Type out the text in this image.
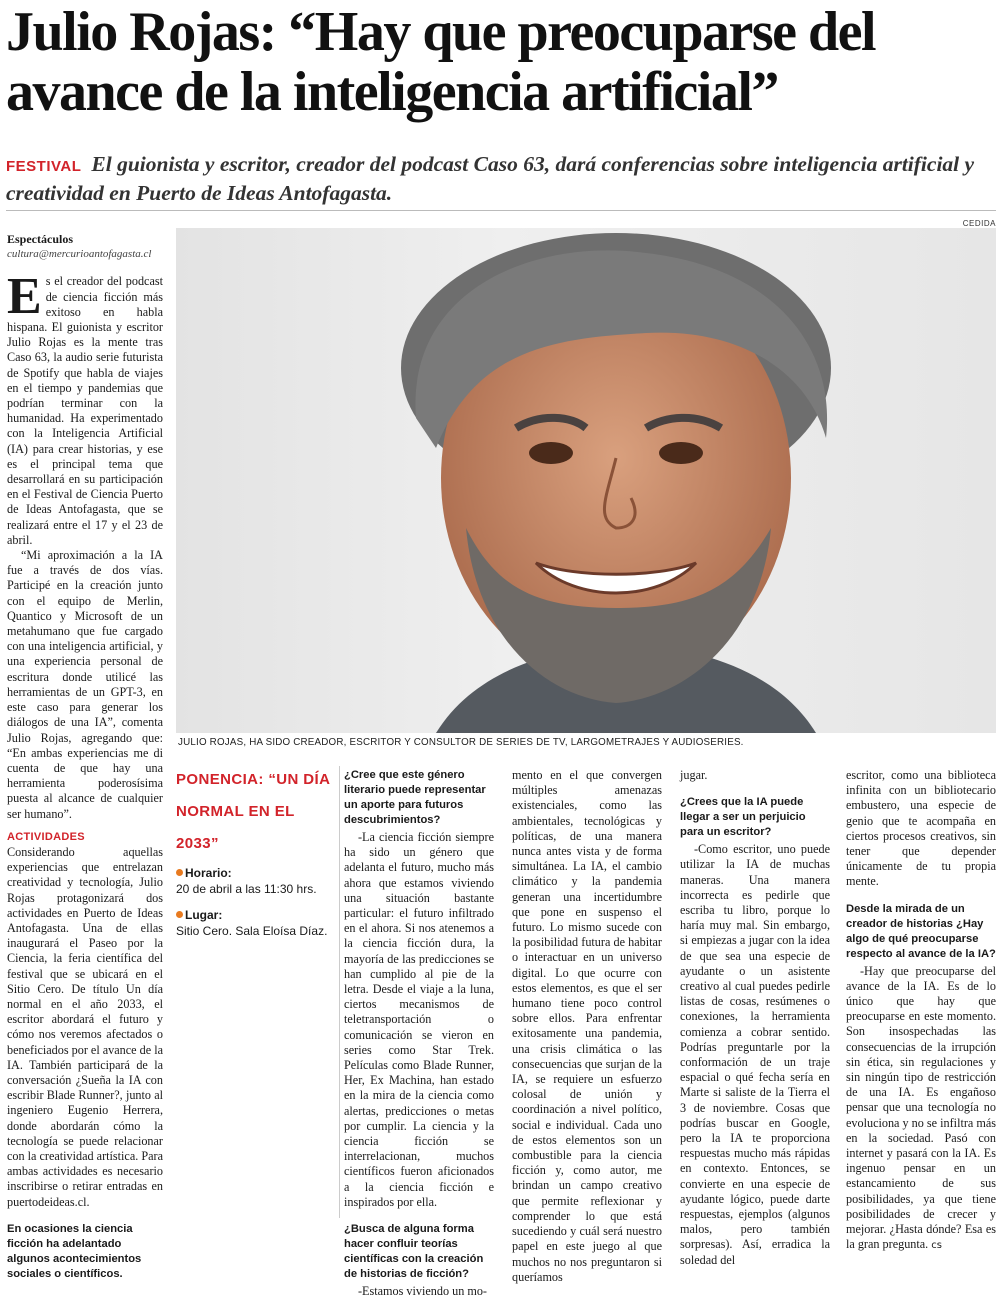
Julio Rojas: “Hay que preocuparse del avance de la inteligencia artificial”
FESTIVAL El guionista y escritor, creador del podcast Caso 63, dará conferencias sobre inteligencia artificial y creatividad en Puerto de Ideas Antofagasta.
CEDIDA
Espectáculos
cultura@mercurioantofagasta.cl

Es el creador del podcast de ciencia ficción más exitoso en habla hispana. El guionista y escritor Julio Rojas es la mente tras Caso 63, la audio serie futurista de Spotify que habla de viajes en el tiempo y pandemias que podrían terminar con la humanidad. Ha experimentado con la Inteligencia Artificial (IA) para crear historias, y ese es el principal tema que desarrollará en su participación en el Festival de Ciencia Puerto de Ideas Antofagasta, que se realizará entre el 17 y el 23 de abril.

“Mi aproximación a la IA fue a través de dos vías. Participé en la creación junto con el equipo de Merlin, Quantico y Microsoft de un metahumano que fue cargado con una inteligencia artificial, y una experiencia personal de escritura donde utilicé las herramientas de un GPT-3, en este caso para generar los diálogos de una IA”, comenta Julio Rojas, agregando que: “En ambas experiencias me di cuenta de que hay una herramienta poderosísima puesta al alcance de cualquier ser humano”.

ACTIVIDADES

Considerando aquellas experiencias que entrelazan creatividad y tecnología, Julio Rojas protagonizará dos actividades en Puerto de Ideas Antofagasta. Una de ellas inaugurará el Paseo por la Ciencia, la feria científica del festival que se ubicará en el Sitio Cero. De título Un día normal en el año 2033, el escritor abordará el futuro y cómo nos veremos afectados o beneficiados por el avance de la IA. También participará de la conversación ¿Sueña la IA con escribir Blade Runner?, junto al ingeniero Eugenio Herrera, donde abordarán cómo la tecnología se puede relacionar con la creatividad artística. Para ambas actividades es necesario inscribirse o retirar entradas en puertodeideas.cl.

En ocasiones la ciencia ficción ha adelantado algunos acontecimientos sociales o científicos.
JULIO ROJAS, HA SIDO CREADOR, ESCRITOR Y CONSULTOR DE SERIES DE TV, LARGOMETRAJES Y AUDIOSERIES.
PONENCIA: “UN DÍA NORMAL EN EL 2033”
Horario:
20 de abril a las 11:30 hrs.
Lugar:
Sitio Cero. Sala Eloísa Díaz.
¿Cree que este género literario puede representar un aporte para futuros descubrimientos?

-La ciencia ficción siempre ha sido un género que adelanta el futuro, mucho más ahora que estamos viviendo una situación bastante particular: el futuro infiltrado en el ahora. Si nos atenemos a la ciencia ficción dura, la mayoría de las predicciones se han cumplido al pie de la letra. Desde el viaje a la luna, ciertos mecanismos de teletransportación o comunicación se vieron en series como Star Trek. Películas como Blade Runner, Her, Ex Machina, han estado en la mira de la ciencia como alertas, predicciones o metas por cumplir. La ciencia y la ciencia ficción se interrelacionan, muchos científicos fueron aficionados a la ciencia ficción e inspirados por ella.

¿Busca de alguna forma hacer confluir teorías científicas con la creación de historias de ficción?

-Estamos viviendo un mo-

mento en el que convergen múltiples amenazas existenciales, como las ambientales, tecnológicas y políticas, de una manera nunca antes vista y de forma simultánea. La IA, el cambio climático y la pandemia generan una incertidumbre que pone en suspenso el futuro. Lo mismo sucede con la posibilidad futura de habitar o interactuar en un universo digital. Lo que ocurre con estos elementos, es que el ser humano tiene poco control sobre ellos. Para enfrentar exitosamente una pandemia, una crisis climática o las consecuencias que surjan de la IA, se requiere un esfuerzo colosal de unión y coordinación a nivel político, social e individual. Cada uno de estos elementos son un combustible para la ciencia ficción y, como autor, me brindan un campo creativo que permite reflexionar y comprender lo que está sucediendo y cuál será nuestro papel en este juego al que muchos no nos preguntaron si queríamos

jugar.

¿Crees que la IA puede llegar a ser un perjuicio para un escritor?

-Como escritor, uno puede utilizar la IA de muchas maneras. Una manera incorrecta es pedirle que escriba tu libro, porque lo haría muy mal. Sin embargo, si empiezas a jugar con la idea de que sea una especie de ayudante o un asistente creativo al cual puedes pedirle listas de cosas, resúmenes o conexiones, la herramienta comienza a cobrar sentido. Podrías preguntarle por la conformación de un traje espacial o qué fecha sería en Marte si saliste de la Tierra el 3 de noviembre. Cosas que podrías buscar en Google, pero la IA te proporciona respuestas mucho más rápidas en contexto. Entonces, se convierte en una especie de ayudante lógico, puede darte respuestas, ejemplos (algunos malos, pero también sorpresas). Así, erradica la soledad del

escritor, como una biblioteca infinita con un bibliotecario embustero, una especie de genio que te acompaña en ciertos procesos creativos, sin tener que depender únicamente de tu propia mente.

Desde la mirada de un creador de historias ¿Hay algo de qué preocuparse respecto al avance de la IA?

-Hay que preocuparse del avance de la IA. Es de lo único que hay que preocuparse en este momento. Son insospechadas las consecuencias de la irrupción sin ética, sin regulaciones y sin ningún tipo de restricción de una IA. Es engañoso pensar que una tecnología no evoluciona y no se infiltra más en la sociedad. Pasó con internet y pasará con la IA. Es ingenuo pensar en un estancamiento de sus posibilidades, ya que tiene posibilidades de crecer y mejorar. ¿Hasta dónde? Esa es la gran pregunta. cs
